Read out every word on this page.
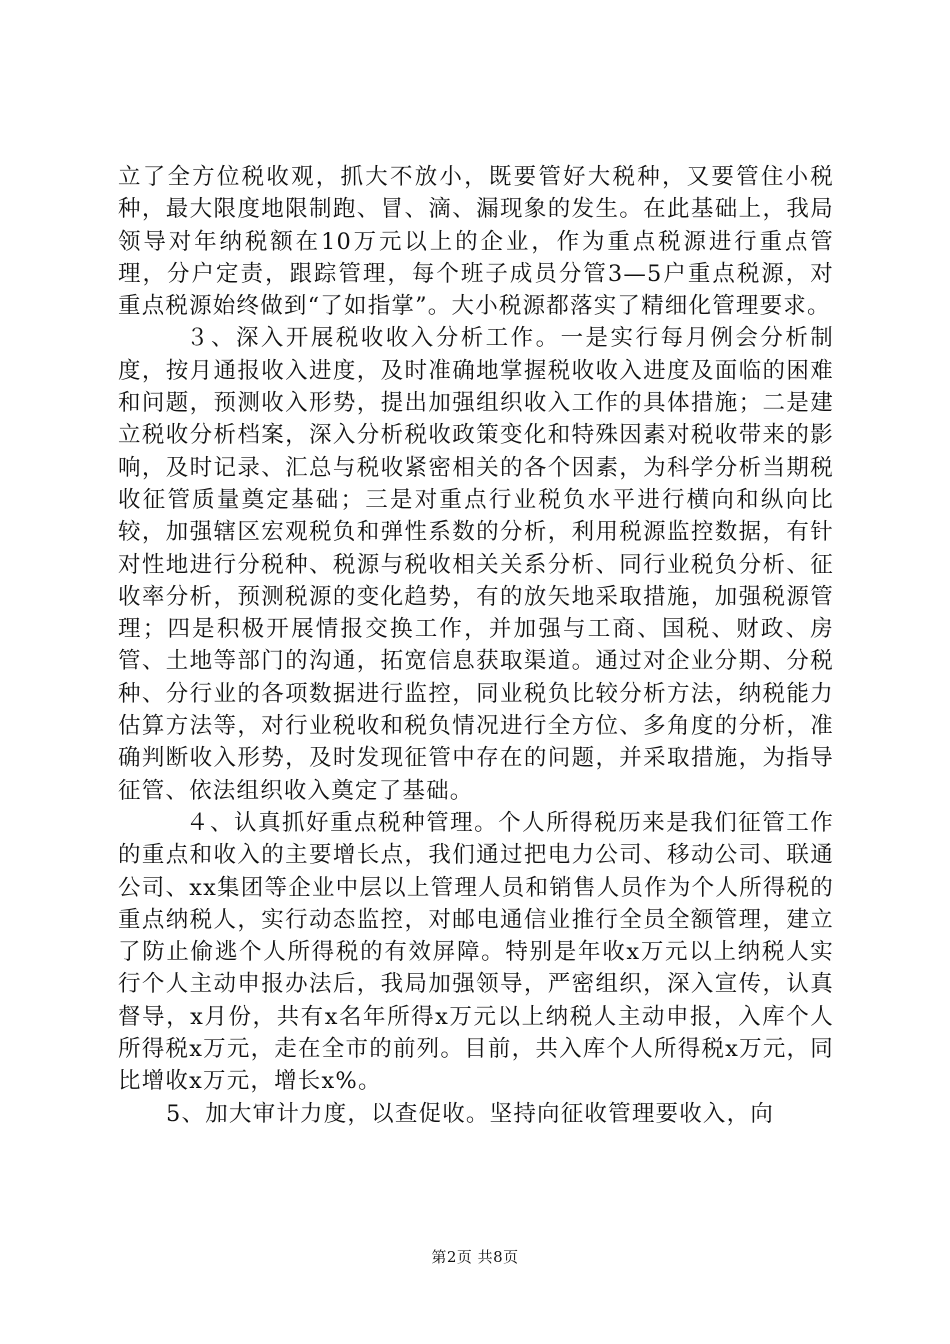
立了全方位税收观，抓大不放小，既要管好大税种，又要管住小税种，最大限度地限制跑、冒、滴、漏现象的发生。在此基础上，我局领导对年纳税额在10万元以上的企业，作为重点税源进行重点管理，分户定责，跟踪管理，每个班子成员分管3—5户重点税源，对重点税源始终做到“了如指掌”。大小税源都落实了精细化管理要求。

３、深入开展税收收入分析工作。一是实行每月例会分析制度，按月通报收入进度，及时准确地掌握税收收入进度及面临的困难和问题，预测收入形势，提出加强组织收入工作的具体措施；二是建立税收分析档案，深入分析税收政策变化和特殊因素对税收带来的影响，及时记录、汇总与税收紧密相关的各个因素，为科学分析当期税收征管质量奠定基础；三是对重点行业税负水平进行横向和纵向比较，加强辖区宏观税负和弹性系数的分析，利用税源监控数据，有针对性地进行分税种、税源与税收相关关系分析、同行业税负分析、征收率分析，预测税源的变化趋势，有的放矢地采取措施，加强税源管理；四是积极开展情报交换工作，并加强与工商、国税、财政、房管、土地等部门的沟通，拓宽信息获取渠道。通过对企业分期、分税种、分行业的各项数据进行监控，同业税负比较分析方法，纳税能力估算方法等，对行业税收和税负情况进行全方位、多角度的分析，准确判断收入形势，及时发现征管中存在的问题，并采取措施，为指导征管、依法组织收入奠定了基础。

４、认真抓好重点税种管理。个人所得税历来是我们征管工作的重点和收入的主要增长点，我们通过把电力公司、移动公司、联通公司、xx集团等企业中层以上管理人员和销售人员作为个人所得税的重点纳税人，实行动态监控，对邮电通信业推行全员全额管理，建立了防止偷逃个人所得税的有效屏障。特别是年收x万元以上纳税人实行个人主动申报办法后，我局加强领导，严密组织，深入宣传，认真督导，x月份，共有x名年所得x万元以上纳税人主动申报，入库个人所得税x万元，走在全市的前列。目前，共入库个人所得税x万元，同比增收x万元，增长x%。

5、加大审计力度，以查促收。坚持向征收管理要收入，向

第2页 共8页
